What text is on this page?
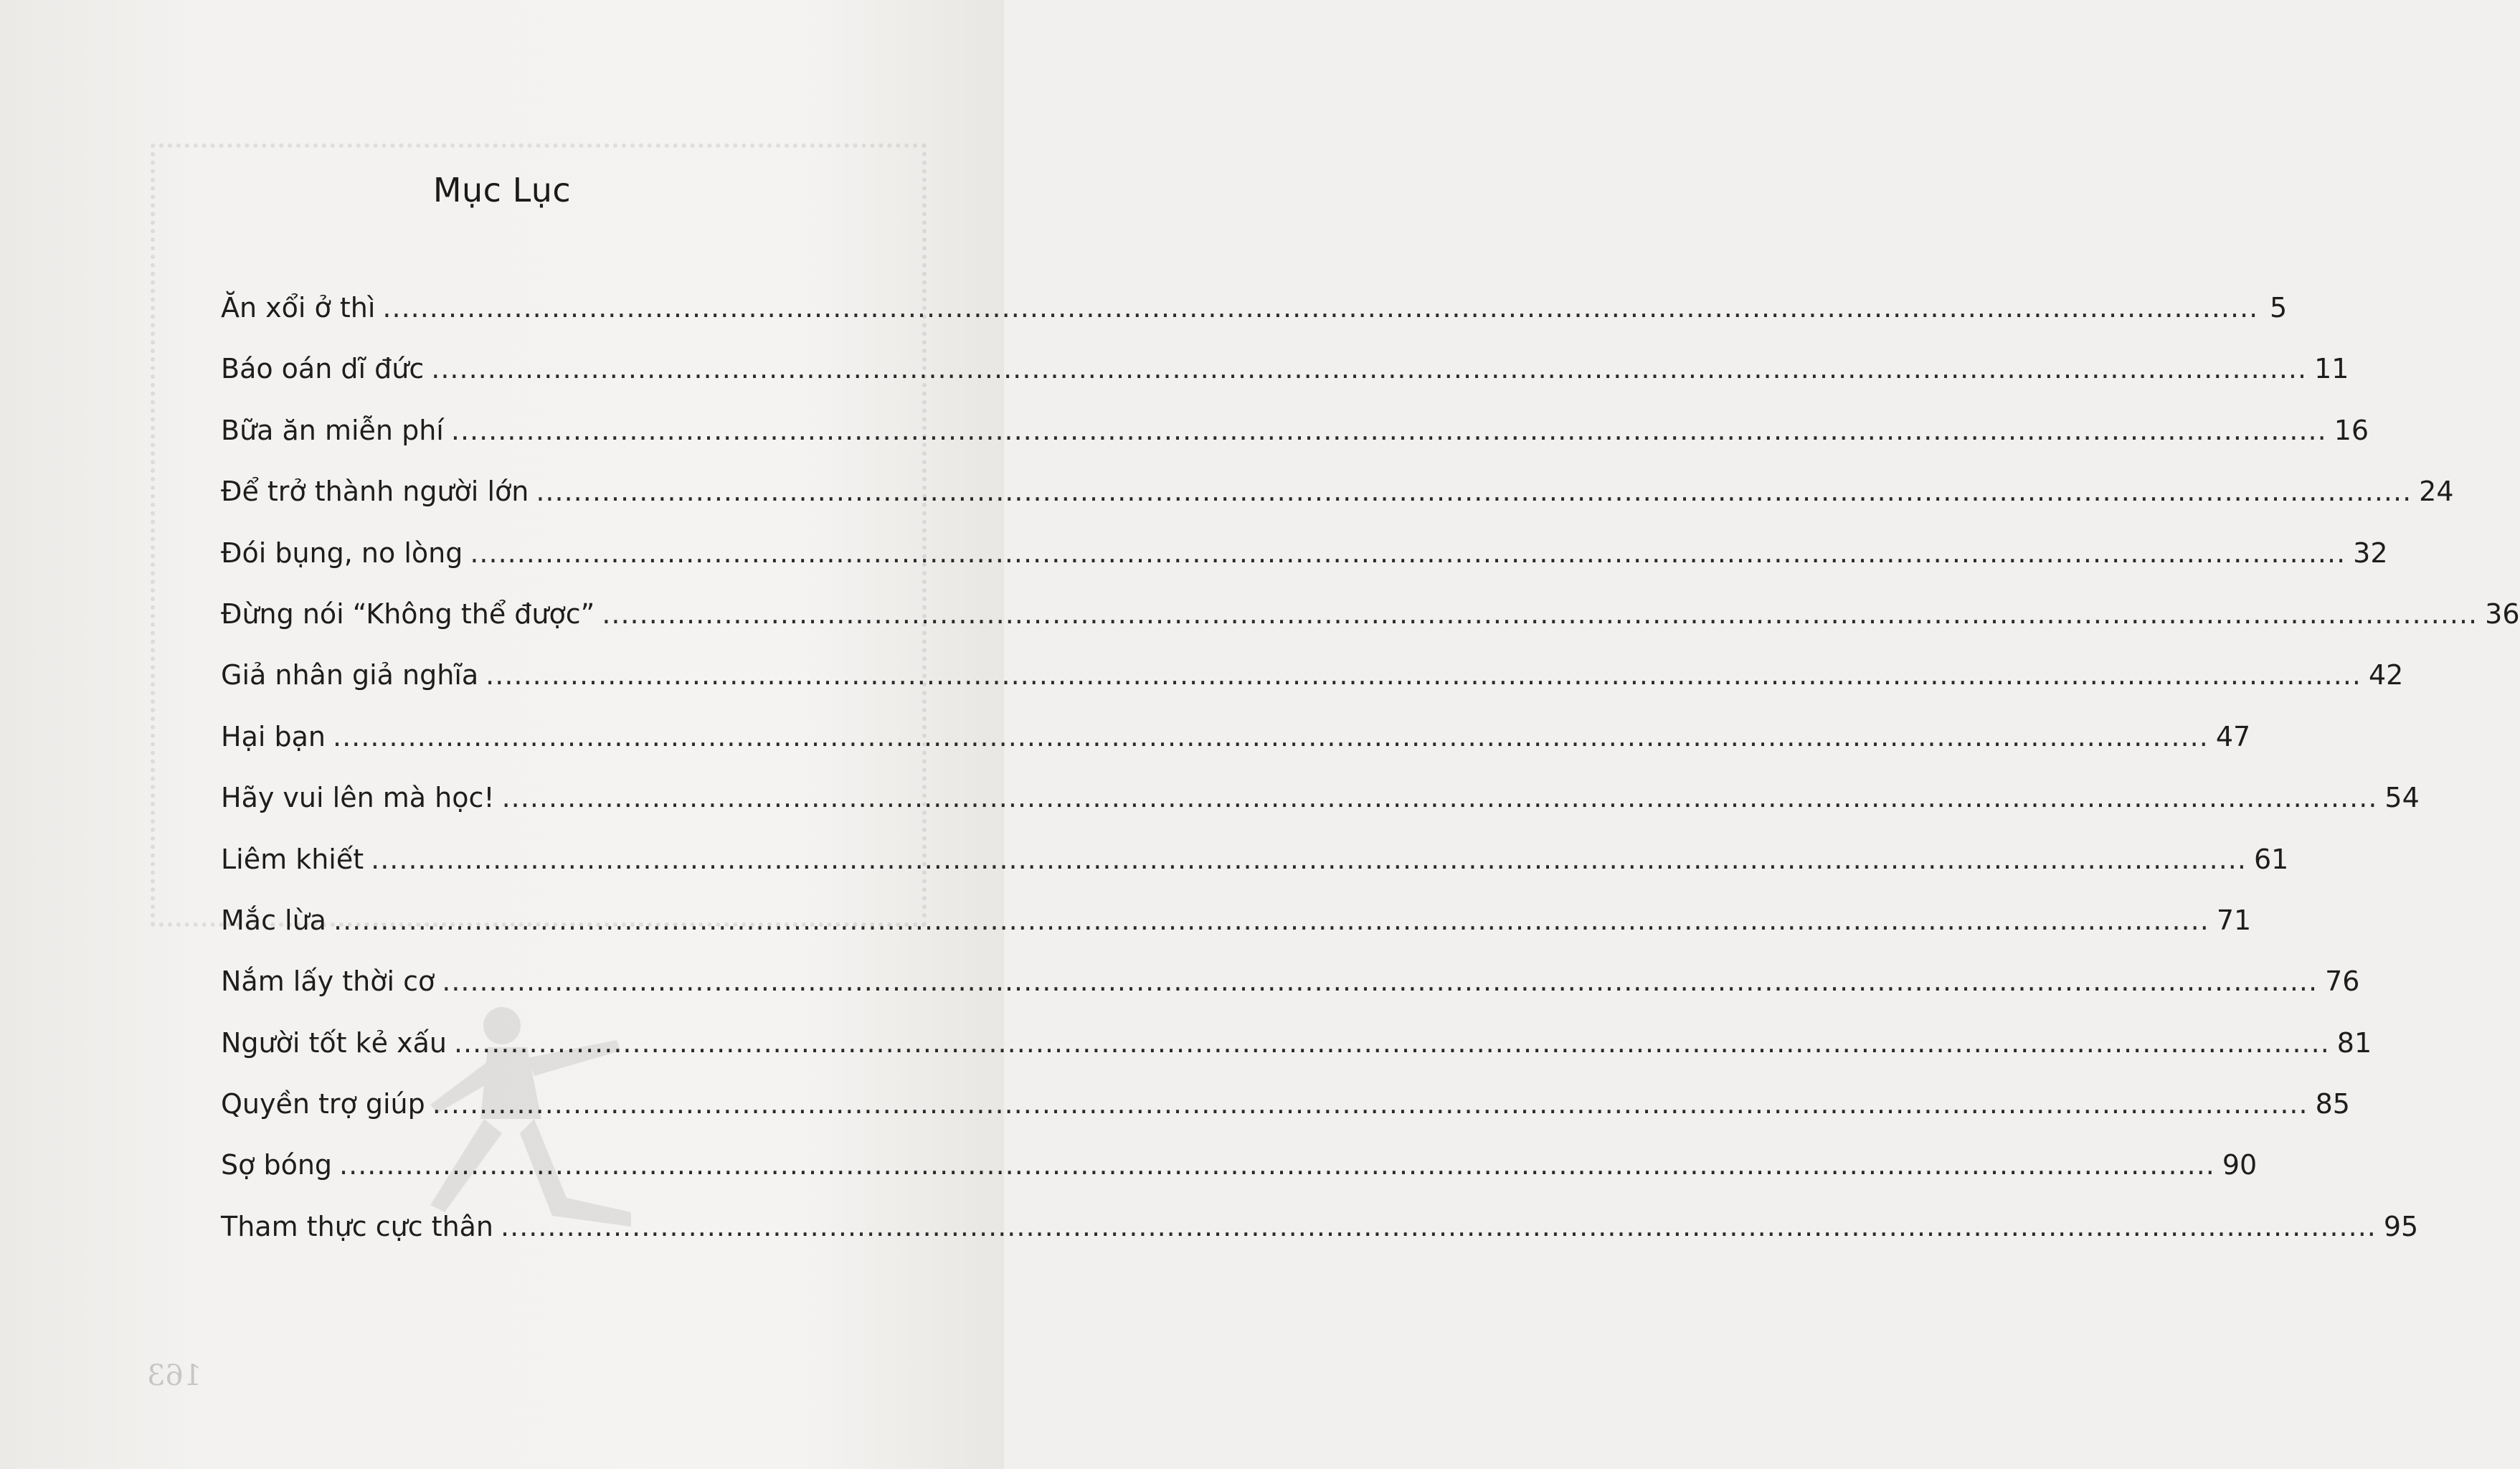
163
Mục Lục
Ăn xổi ở thì ........................................................................................................................................................................................................ 5
Báo oán dĩ đức ........................................................................................................................................................................................................ 11
Bữa ăn miễn phí ........................................................................................................................................................................................................ 16
Để trở thành người lớn ........................................................................................................................................................................................................ 24
Đói bụng, no lòng ........................................................................................................................................................................................................ 32
Đừng nói “Không thể được” ........................................................................................................................................................................................................ 36
Giả nhân giả nghĩa ........................................................................................................................................................................................................ 42
Hại bạn ........................................................................................................................................................................................................ 47
Hãy vui lên mà học! ........................................................................................................................................................................................................ 54
Liêm khiết ........................................................................................................................................................................................................ 61
Mắc lừa ........................................................................................................................................................................................................ 71
Nắm lấy thời cơ ........................................................................................................................................................................................................ 76
Người tốt kẻ xấu ........................................................................................................................................................................................................ 81
Quyền trợ giúp ........................................................................................................................................................................................................ 85
Sợ bóng ........................................................................................................................................................................................................ 90
Tham thực cực thân ........................................................................................................................................................................................................ 95
